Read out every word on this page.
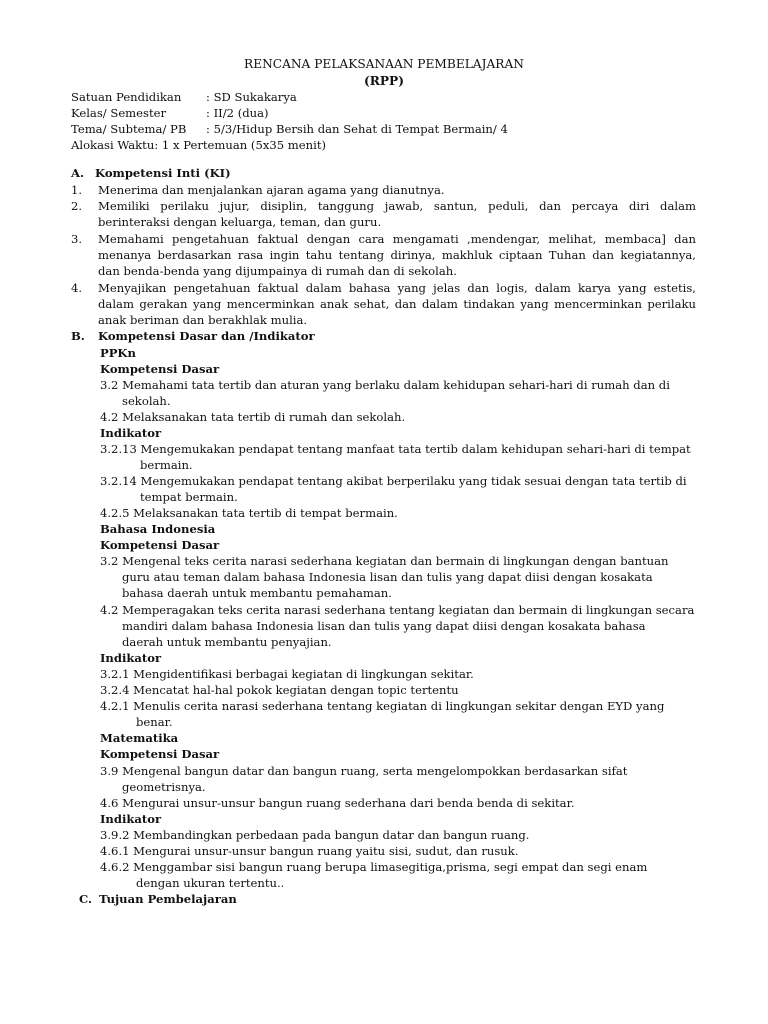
RENCANA PELAKSANAAN PEMBELAJARAN
(RPP)
Satuan Pendidikan : SD Sukakarya
Kelas/ Semester	: II/2 (dua)
Tema/ Subtema/ PB : 5/3/Hidup Bersih dan Sehat di Tempat Bermain/ 4
Alokasi Waktu: 1 x Pertemuan (5x35 menit)
A. Kompetensi Inti (KI)
1. Menerima dan menjalankan ajaran agama yang dianutnya.
2. Memiliki perilaku jujur, disiplin, tanggung jawab, santun, peduli, dan percaya diri dalam
berinteraksi dengan keluarga, teman, dan guru.
3. Memahami pengetahuan faktual dengan cara mengamati ,mendengar, melihat, membaca] dan
menanya berdasarkan rasa ingin tahu tentang dirinya, makhluk ciptaan Tuhan dan kegiatannya,
dan benda-benda yang dijumpainya di rumah dan di sekolah.
4. Menyajikan pengetahuan faktual dalam bahasa yang jelas dan logis, dalam karya yang estetis,
dalam gerakan yang mencerminkan anak sehat, dan dalam tindakan yang mencerminkan perilaku
anak beriman dan berakhlak mulia.
B. Kompetensi Dasar dan /Indikator
PPKn
Kompetensi Dasar
3.2 Memahami tata tertib dan aturan yang berlaku dalam kehidupan sehari-hari di rumah dan di
sekolah.
4.2 Melaksanakan tata tertib di rumah dan sekolah.
Indikator
3.2.13 Mengemukakan pendapat tentang manfaat tata tertib dalam kehidupan sehari-hari di tempat
bermain.
3.2.14 Mengemukakan pendapat tentang akibat berperilaku yang tidak sesuai dengan tata tertib di
tempat bermain.
4.2.5 Melaksanakan tata tertib di tempat bermain.
Bahasa Indonesia
Kompetensi Dasar
3.2 Mengenal teks cerita narasi sederhana kegiatan dan bermain di lingkungan dengan bantuan
guru atau teman dalam bahasa Indonesia lisan dan tulis yang dapat diisi dengan kosakata
bahasa daerah untuk membantu pemahaman.
4.2 Memperagakan teks cerita narasi sederhana tentang kegiatan dan bermain di lingkungan secara
mandiri dalam bahasa Indonesia lisan dan tulis yang dapat diisi dengan kosakata bahasa
daerah untuk membantu penyajian.
Indikator
3.2.1 Mengidentifikasi berbagai kegiatan di lingkungan sekitar.
3.2.4 Mencatat hal-hal pokok kegiatan dengan topic tertentu
4.2.1 Menulis cerita narasi sederhana tentang kegiatan di lingkungan sekitar dengan EYD yang
benar.
Matematika
Kompetensi Dasar
3.9 Mengenal bangun datar dan bangun ruang, serta mengelompokkan berdasarkan sifat
geometrisnya.
4.6 Mengurai unsur-unsur bangun ruang sederhana dari benda benda di sekitar.
Indikator
3.9.2 Membandingkan perbedaan pada bangun datar dan bangun ruang.
4.6.1 Mengurai unsur-unsur bangun ruang yaitu sisi, sudut, dan rusuk.
4.6.2 Menggambar sisi bangun ruang berupa limasegitiga,prisma, segi empat dan segi enam
dengan ukuran tertentu..
C. Tujuan Pembelajaran
